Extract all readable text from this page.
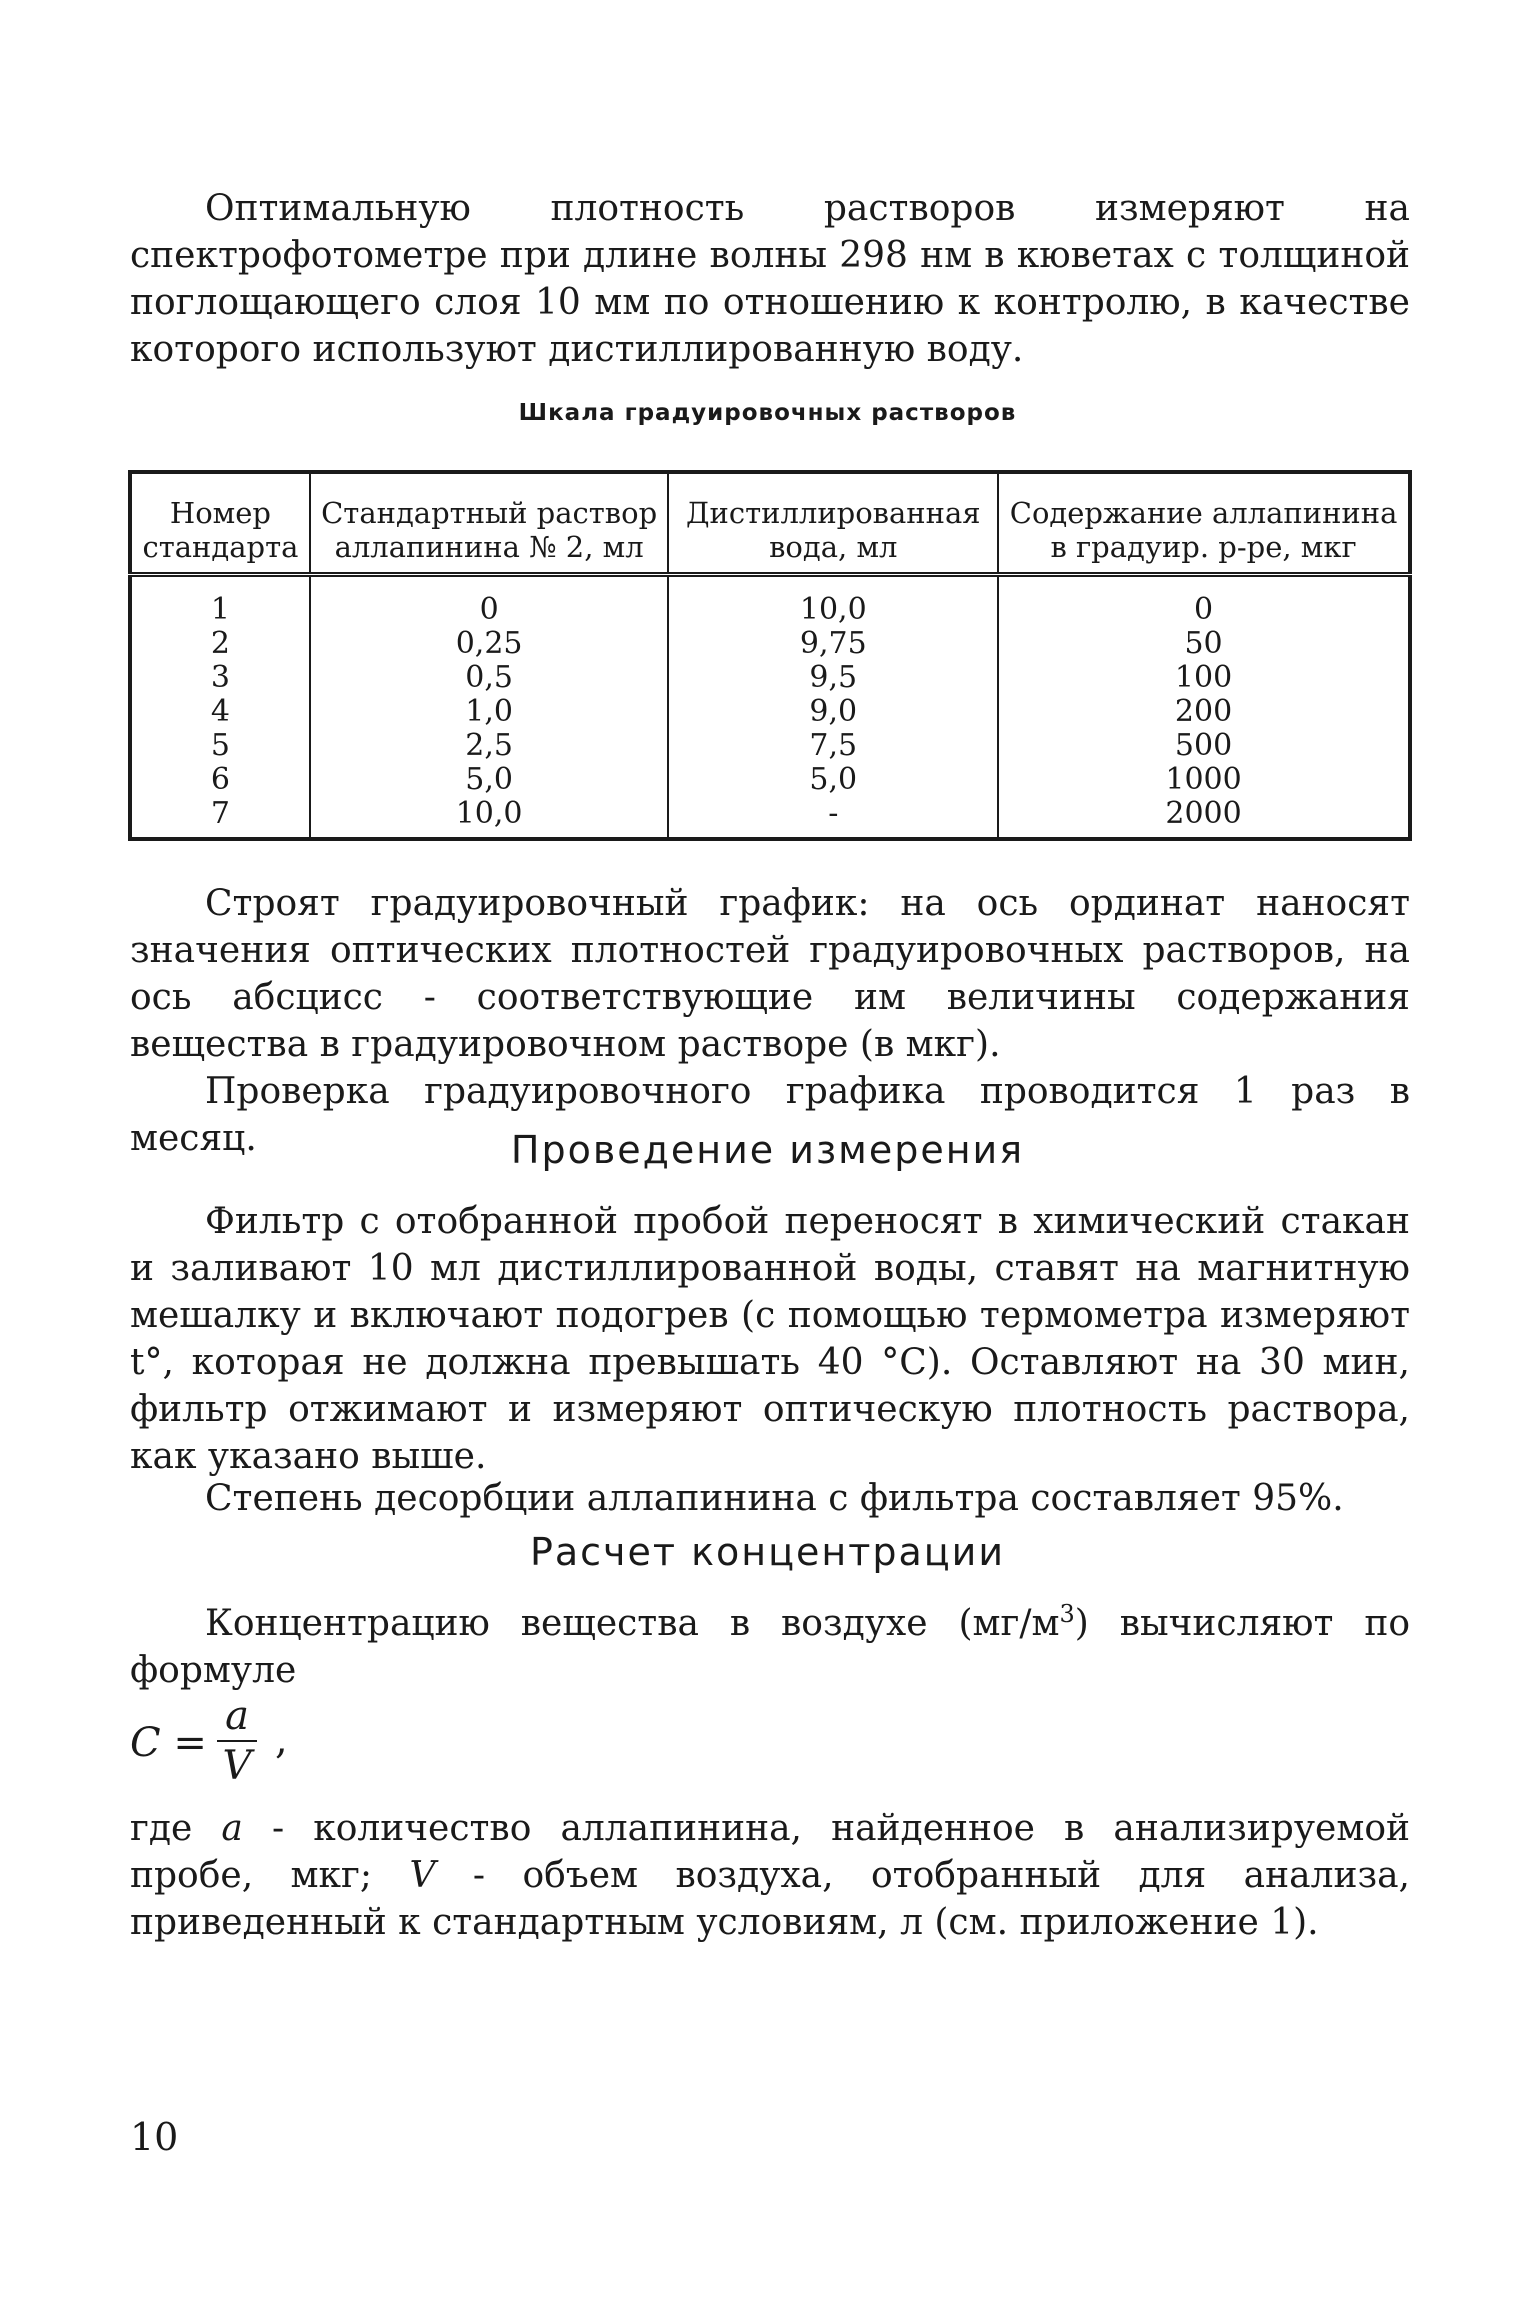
Оптимальную плотность растворов измеряют на спектрофотометре при длине волны 298 нм в кюветах с толщиной поглощающего слоя 10 мм по отношению к контролю, в качестве которого используют дистиллированную воду.

Шкала градуировочных растворов

Номер стандарта	Стандартный раствор аллапинина № 2, мл	Дистиллированная вода, мл	Содержание аллапинина в градуир. р-ре, мкг
1	0	10,0	0
2	0,25	9,75	50
3	0,5	9,5	100
4	1,0	9,0	200
5	2,5	7,5	500
6	5,0	5,0	1000
7	10,0	-	2000

Строят градуировочный график: на ось ординат наносят значения оптических плотностей градуировочных растворов, на ось абсцисс - соответствующие им величины содержания вещества в градуировочном растворе (в мкг).

Проверка градуировочного графика проводится 1 раз в месяц.	Проведение измерения

Фильтр с отобранной пробой переносят в химический стакан и заливают 10 мл дистиллированной воды, ставят на магнитную мешалку и включают подогрев (с помощью термометра измеряют t°, которая не должна превышать 40 °С). Оставляют на 30 мин, фильтр отжимают и измеряют оптическую плотность раствора, как указано выше.

Степень десорбции аллапинина с фильтра составляет 95%.

Расчет концентрации

Концентрацию вещества в воздухе $(мг/м^3)$ вычисляют по формуле

C =
a
V
,

где a - количество аллапинина, найденное в анализируемой пробе, мкг; V - объем воздуха, отобранный для анализа, приведенный к стандартным условиям, л (см. приложение 1).

10
